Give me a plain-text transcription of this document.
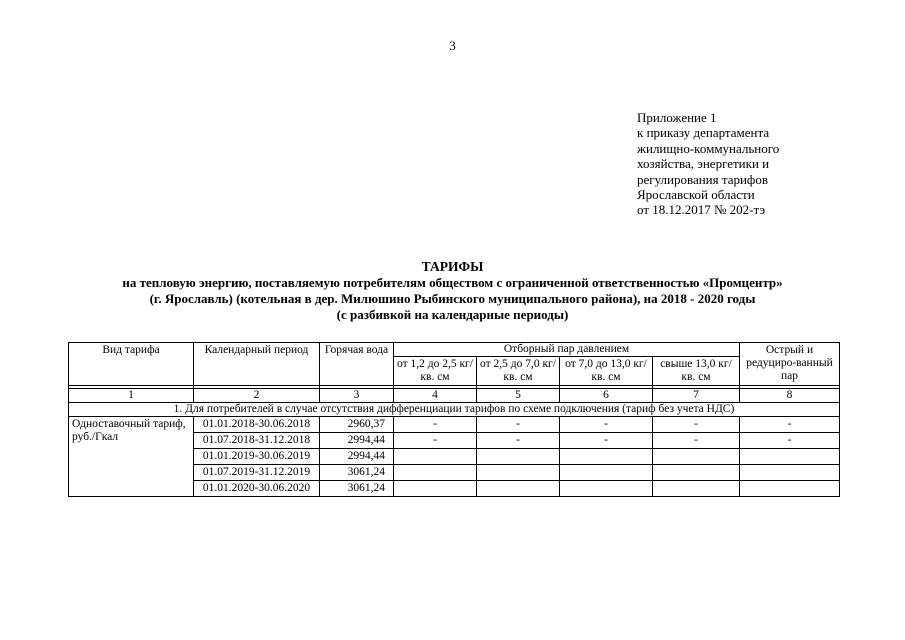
3
Приложение 1
к приказу департамента
жилищно-коммунального
хозяйства, энергетики и
регулирования тарифов
Ярославской области
от 18.12.2017 № 202-тэ
ТАРИФЫ
на тепловую энергию, поставляемую потребителям обществом с ограниченной ответственностью «Промцентр»
(г. Ярославль) (котельная в дер. Милюшино Рыбинского муниципального района), на 2018 - 2020 годы
(с разбивкой на календарные периоды)
Вид тарифа	Календарный период	Горячая вода	Отборный пар давлением				Острый и редуциро-ванный пар
			от 1,2 до 2,5 кг/кв. см	от 2,5 до 7,0 кг/кв. см	от 7,0 до 13,0 кг/кв. см	свыше 13,0 кг/кв. см	

1	2	3	4	5	6	7	8
1. Для потребителей в случае отсутствия дифференциации тарифов по схеме подключения (тариф без учета НДС)							
Одноставочный тариф, руб./Гкал	01.01.2018-30.06.2018	2960,37	-	-	-	-	-
	01.07.2018-31.12.2018	2994,44	-	-	-	-	-
	01.01.2019-30.06.2019	2994,44					
	01.07.2019-31.12.2019	3061,24					
	01.01.2020-30.06.2020	3061,24					
